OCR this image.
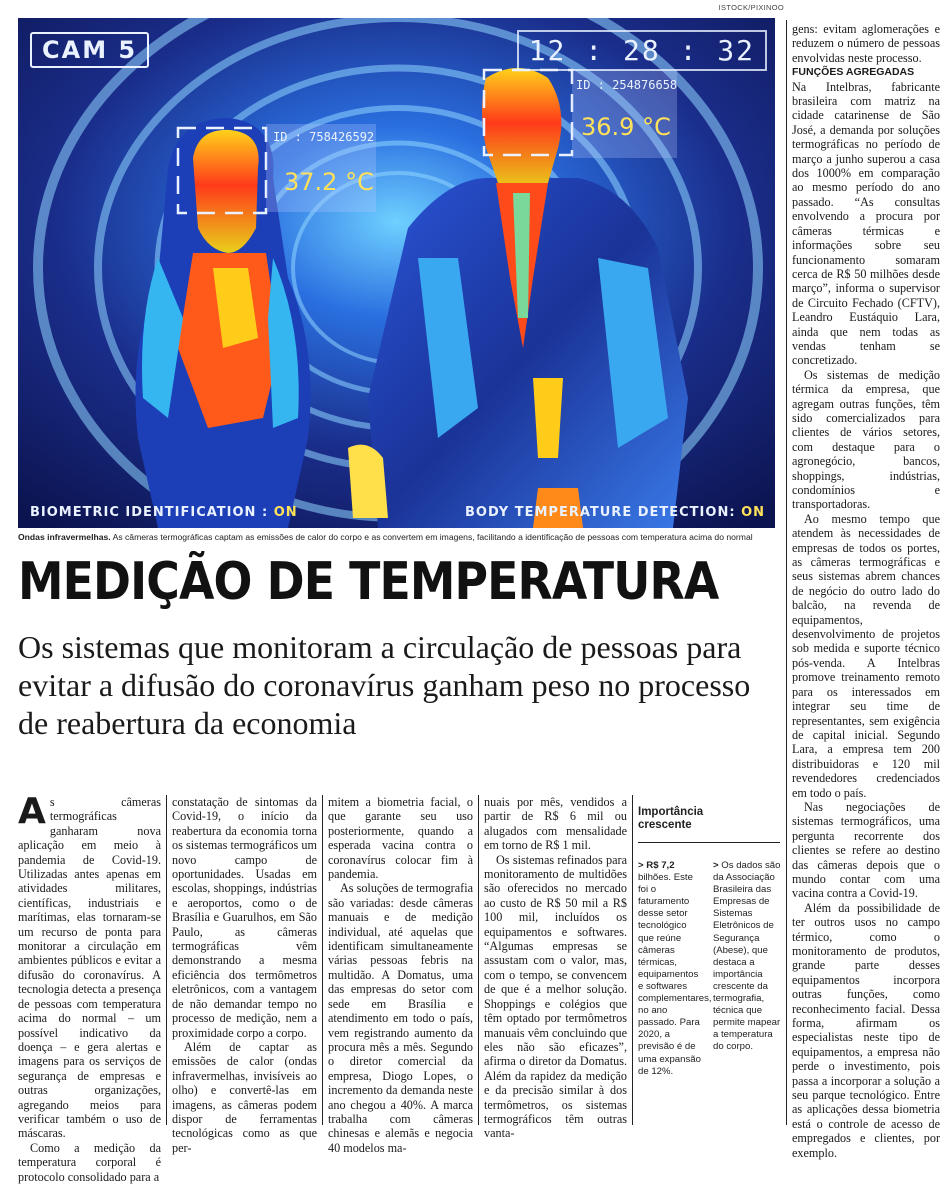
ISTOCK/PIXINOO
CAM 5	12 : 28 : 32
ID : 758426592
37.2 °C
ID : 254876658
36.9 °C
BIOMETRIC IDENTIFICATION : ON	BODY TEMPERATURE DETECTION: ON
Ondas infravermelhas. As câmeras termográficas captam as emissões de calor do corpo e as convertem em imagens, facilitando a identificação de pessoas com temperatura acima do normal
MEDIÇÃO DE TEMPERATURA
Os sistemas que monitoram a circulação de pessoas para evitar a difusão do coronavírus ganham peso no processo de reabertura da economia

As câmeras termográficas ganharam nova aplicação em meio à pandemia de Covid-19. Utilizadas antes apenas em atividades militares, científicas, industriais e marítimas, elas tornaram-se um recurso de ponta para monitorar a circulação em ambientes públicos e evitar a difusão do coronavírus. A tecnologia detecta a presença de pessoas com temperatura acima do normal – um possível indicativo da doença – e gera alertas e imagens para os serviços de segurança de empresas e outras organizações, agregando meios para verificar também o uso de máscaras.

Como a medição da temperatura corporal é protocolo consolidado para a

constatação de sintomas da Covid-19, o início da reabertura da economia torna os sistemas termográficos um novo campo de oportunidades. Usadas em escolas, shoppings, indústrias e aeroportos, como o de Brasília e Guarulhos, em São Paulo, as câmeras termográficas vêm demonstrando a mesma eficiência dos termômetros eletrônicos, com a vantagem de não demandar tempo no processo de medição, nem a proximidade corpo a corpo.

Além de captar as emissões de calor (ondas infravermelhas, invisíveis ao olho) e convertê-las em imagens, as câmeras podem dispor de ferramentas tecnológicas como as que per-

mitem a biometria facial, o que garante seu uso posteriormente, quando a esperada vacina contra o coronavírus colocar fim à pandemia.

As soluções de termografia são variadas: desde câmeras manuais e de medição individual, até aquelas que identificam simultaneamente várias pessoas febris na multidão. A Domatus, uma das empresas do setor com sede em Brasília e atendimento em todo o país, vem registrando aumento da procura mês a mês. Segundo o diretor comercial da empresa, Diogo Lopes, o incremento da demanda neste ano chegou a 40%. A marca trabalha com câmeras chinesas e alemãs e negocia 40 modelos ma-

nuais por mês, vendidos a partir de R$ 6 mil ou alugados com mensalidade em torno de R$ 1 mil.

Os sistemas refinados para monitoramento de multidões são oferecidos no mercado ao custo de R$ 50 mil a R$ 100 mil, incluídos os equipamentos e softwares. “Algumas empresas se assustam com o valor, mas, com o tempo, se convencem de que é a melhor solução. Shoppings e colégios que têm optado por termômetros manuais vêm concluindo que eles não são eficazes”, afirma o diretor da Domatus. Além da rapidez da medição e da precisão similar à dos termômetros, os sistemas termográficos têm outras vanta-

Importância
crescente
> R$ 7,2 bilhões. Este foi o faturamento desse setor tecnológico que reúne câmeras térmicas, equipamentos e softwares complementares, no ano passado. Para 2020, a previsão é de uma expansão de 12%.
> Os dados são da Associação Brasileira das Empresas de Sistemas Eletrônicos de Segurança (Abese), que destaca a importância crescente da termografia, técnica que permite mapear a temperatura do corpo.

gens: evitam aglomerações e reduzem o número de pessoas envolvidas neste processo.

FUNÇÕES AGREGADAS

Na Intelbras, fabricante brasileira com matriz na cidade catarinense de São José, a demanda por soluções termográficas no período de março a junho superou a casa dos 1000% em comparação ao mesmo período do ano passado. “As consultas envolvendo a procura por câmeras térmicas e informações sobre seu funcionamento somaram cerca de R$ 50 milhões desde março”, informa o supervisor de Circuito Fechado (CFTV), Leandro Eustáquio Lara, ainda que nem todas as vendas tenham se concretizado.

Os sistemas de medição térmica da empresa, que agregam outras funções, têm sido comercializados para clientes de vários setores, com destaque para o agronegócio, bancos, shoppings, indústrias, condomínios e transportadoras.

Ao mesmo tempo que atendem às necessidades de empresas de todos os portes, as câmeras termográficas e seus sistemas abrem chances de negócio do outro lado do balcão, na revenda de equipamentos, desenvolvimento de projetos sob medida e suporte técnico pós-venda. A Intelbras promove treinamento remoto para os interessados em integrar seu time de representantes, sem exigência de capital inicial. Segundo Lara, a empresa tem 200 distribuidoras e 120 mil revendedores credenciados em todo o país.

Nas negociações de sistemas termográficos, uma pergunta recorrente dos clientes se refere ao destino das câmeras depois que o mundo contar com uma vacina contra a Covid-19.

Além da possibilidade de ter outros usos no campo térmico, como o monitoramento de produtos, grande parte desses equipamentos incorpora outras funções, como reconhecimento facial. Dessa forma, afirmam os especialistas neste tipo de equipamentos, a empresa não perde o investimento, pois passa a incorporar a solução a seu parque tecnológico. Entre as aplicações dessa biometria está o controle de acesso de empregados e clientes, por exemplo.
